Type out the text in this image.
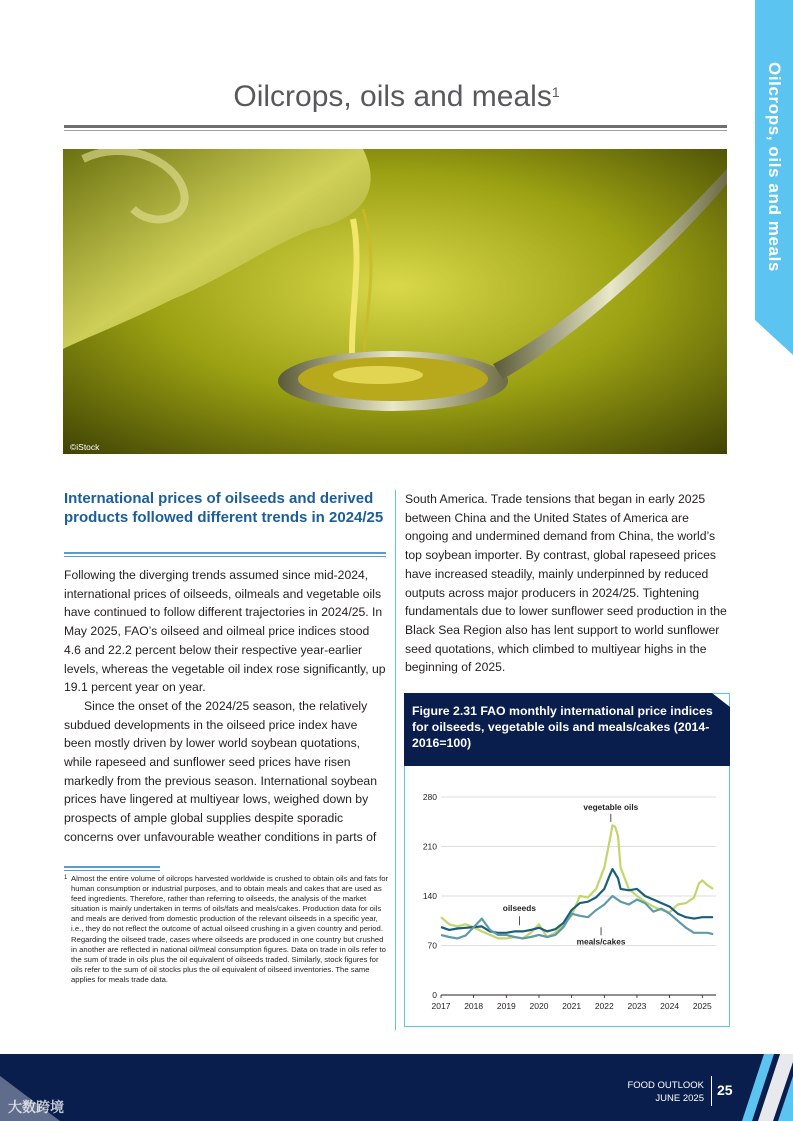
Oilcrops, oils and meals
Oilcrops, oils and meals$^1$
©iStock
International prices of oilseeds and derived products followed different trends in 2024/25

Following the diverging trends assumed since mid-2024, international prices of oilseeds, oilmeals and vegetable oils have continued to follow different trajectories in 2024/25. In May 2025, FAO’s oilseed and oilmeal price indices stood 4.6 and 22.2 percent below their respective year-earlier levels, whereas the vegetable oil index rose significantly, up 19.1 percent year on year.

Since the onset of the 2024/25 season, the relatively subdued developments in the oilseed price index have been mostly driven by lower world soybean quotations, while rapeseed and sunflower seed prices have risen markedly from the previous season. International soybean prices have lingered at multiyear lows, weighed down by prospects of ample global supplies despite sporadic concerns over unfavourable weather conditions in parts of

South America. Trade tensions that began in early 2025 between China and the United States of America are ongoing and undermined demand from China, the world’s top soybean importer. By contrast, global rapeseed prices have increased steadily, mainly underpinned by reduced outputs across major producers in 2024/25. Tightening fundamentals due to lower sunflower seed production in the Black Sea Region also has lent support to world sunflower seed quotations, which climbed to multiyear highs in the beginning of 2025.

1 Almost the entire volume of oilcrops harvested worldwide is crushed to obtain oils and fats for human consumption or industrial purposes, and to obtain meals and cakes that are used as feed ingredients. Therefore, rather than referring to oilseeds, the analysis of the market situation is mainly undertaken in terms of oils/fats and meals/cakes. Production data for oils and meals are derived from domestic production of the relevant oilseeds in a specific year, i.e., they do not reflect the outcome of actual oilseed crushing in a given country and period. Regarding the oilseed trade, cases where oilseeds are produced in one country but crushed in another are reflected in national oil/meal consumption figures. Data on trade in oils refer to the sum of trade in oils plus the oil equivalent of oilseeds traded. Similarly, stock figures for oils refer to the sum of oil stocks plus the oil equivalent of oilseed inventories. The same applies for meals trade data.
Figure 2.31 FAO monthly international price indices for oilseeds, vegetable oils and meals/cakes (2014-2016=100)
0
70
140
210
280
2017 2018 2019 2020 2021 2022 2023 2024 2025
vegetable oils
oilseeds
meals/cakes
FOOD OUTLOOK
JUNE 2025
25
大数跨境
